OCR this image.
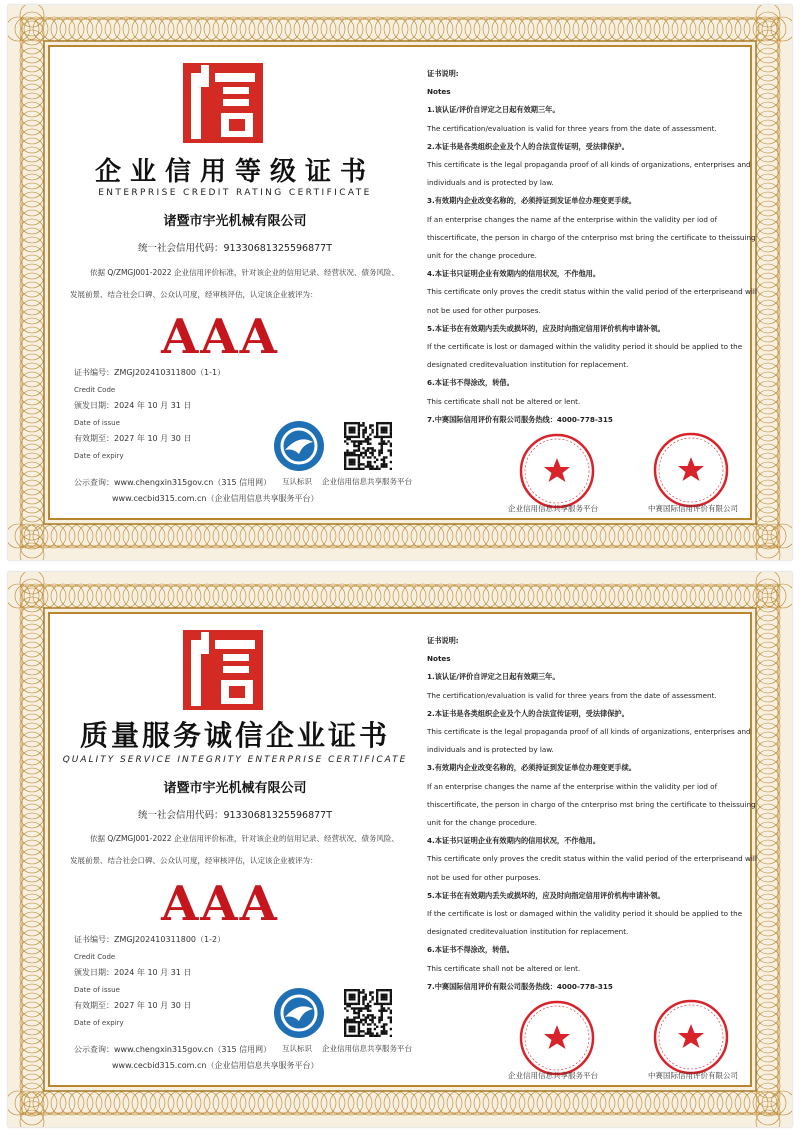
企业信用等级证书
ENTERPRISE CREDIT RATING CERTIFICATE
诸暨市宇光机械有限公司
统一社会信用代码：91330681325596877T
依据 Q/ZMGJ001-2022 企业信用评价标准，针对该企业的信用记录、经营状况、债务风险、
发展前景、结合社会口碑、公众认可度，经审核评估，认定该企业被评为：
AAA
证书编号：ZMGJ202410311800（1-1）
Credit Code
颁发日期：2024 年 10 月 31 日
Date of issue
有效期至：2027 年 10 月 30 日
Date of expiry
互认标识 企业信用信息共享服务平台
公示查询：www.chengxin315gov.cn（315 信用网）
www.cecbid315.com.cn（企业信用信息共享服务平台）
证书说明:
Notes
1.该认证/评价自评定之日起有效期三年。
The certification/evaluation is valid for three years from the date of assessment.
2.本证书是各类组织企业及个人的合法宣传证明，受法律保护。
This certificate is the legal propaganda proof of all kinds of organizations, enterprises and
individuals and is protected by law.
3.有效期内企业改变名称的，必须持证到发证单位办理变更手续。
If an enterprise changes the name af the enterprise within the validity per iod of
thiscertificate, the person in chargo of the cnterpriso mst bring the certificate to theissuing
unit for the change procedure.
4.本证书只证明企业有效期内的信用状况，不作他用。
This certificate only proves the credit status within the valid period of the erterpriseand will
not be used for other purposes.
5.本证书在有效期内丢失或损坏的，应及时向指定信用评价机构申请补领。
If the certificate is lost or damaged within the validity period it should be applied to the
designated creditevaluation institution for replacement.
6.本证书不得涂改，转借。
This certificate shall not be altered or lent.
7.中赛国际信用评价有限公司服务热线：4000-778-315
企业信用信息共享服务平台	中赛国际信用评价有限公司
质量服务诚信企业证书
QUALITY SERVICE INTEGRITY ENTERPRISE CERTIFICATE
诸暨市宇光机械有限公司
统一社会信用代码：91330681325596877T
依据 Q/ZMGJ001-2022 企业信用评价标准，针对该企业的信用记录、经营状况、债务风险、
发展前景、结合社会口碑、公众认可度，经审核评估，认定该企业被评为：
AAA
证书编号：ZMGJ202410311800（1-2）
Credit Code
颁发日期：2024 年 10 月 31 日
Date of issue
有效期至：2027 年 10 月 30 日
Date of expiry
互认标识 企业信用信息共享服务平台
公示查询：www.chengxin315gov.cn（315 信用网）
www.cecbid315.com.cn（企业信用信息共享服务平台）
证书说明:
Notes
1.该认证/评价自评定之日起有效期三年。
The certification/evaluation is valid for three years from the date of assessment.
2.本证书是各类组织企业及个人的合法宣传证明，受法律保护。
This certificate is the legal propaganda proof of all kinds of organizations, enterprises and
individuals and is protected by law.
3.有效期内企业改变名称的，必须持证到发证单位办理变更手续。
If an enterprise changes the name af the enterprise within the validity per iod of
thiscertificate, the person in chargo of the cnterpriso mst bring the certificate to theissuing
unit for the change procedure.
4.本证书只证明企业有效期内的信用状况，不作他用。
This certificate only proves the credit status within the valid period of the erterpriseand will
not be used for other purposes.
5.本证书在有效期内丢失或损坏的，应及时向指定信用评价机构申请补领。
If the certificate is lost or damaged within the validity period it should be applied to the
designated creditevaluation institution for replacement.
6.本证书不得涂改，转借。
This certificate shall not be altered or lent.
7.中赛国际信用评价有限公司服务热线：4000-778-315
企业信用信息共享服务平台	中赛国际信用评价有限公司
